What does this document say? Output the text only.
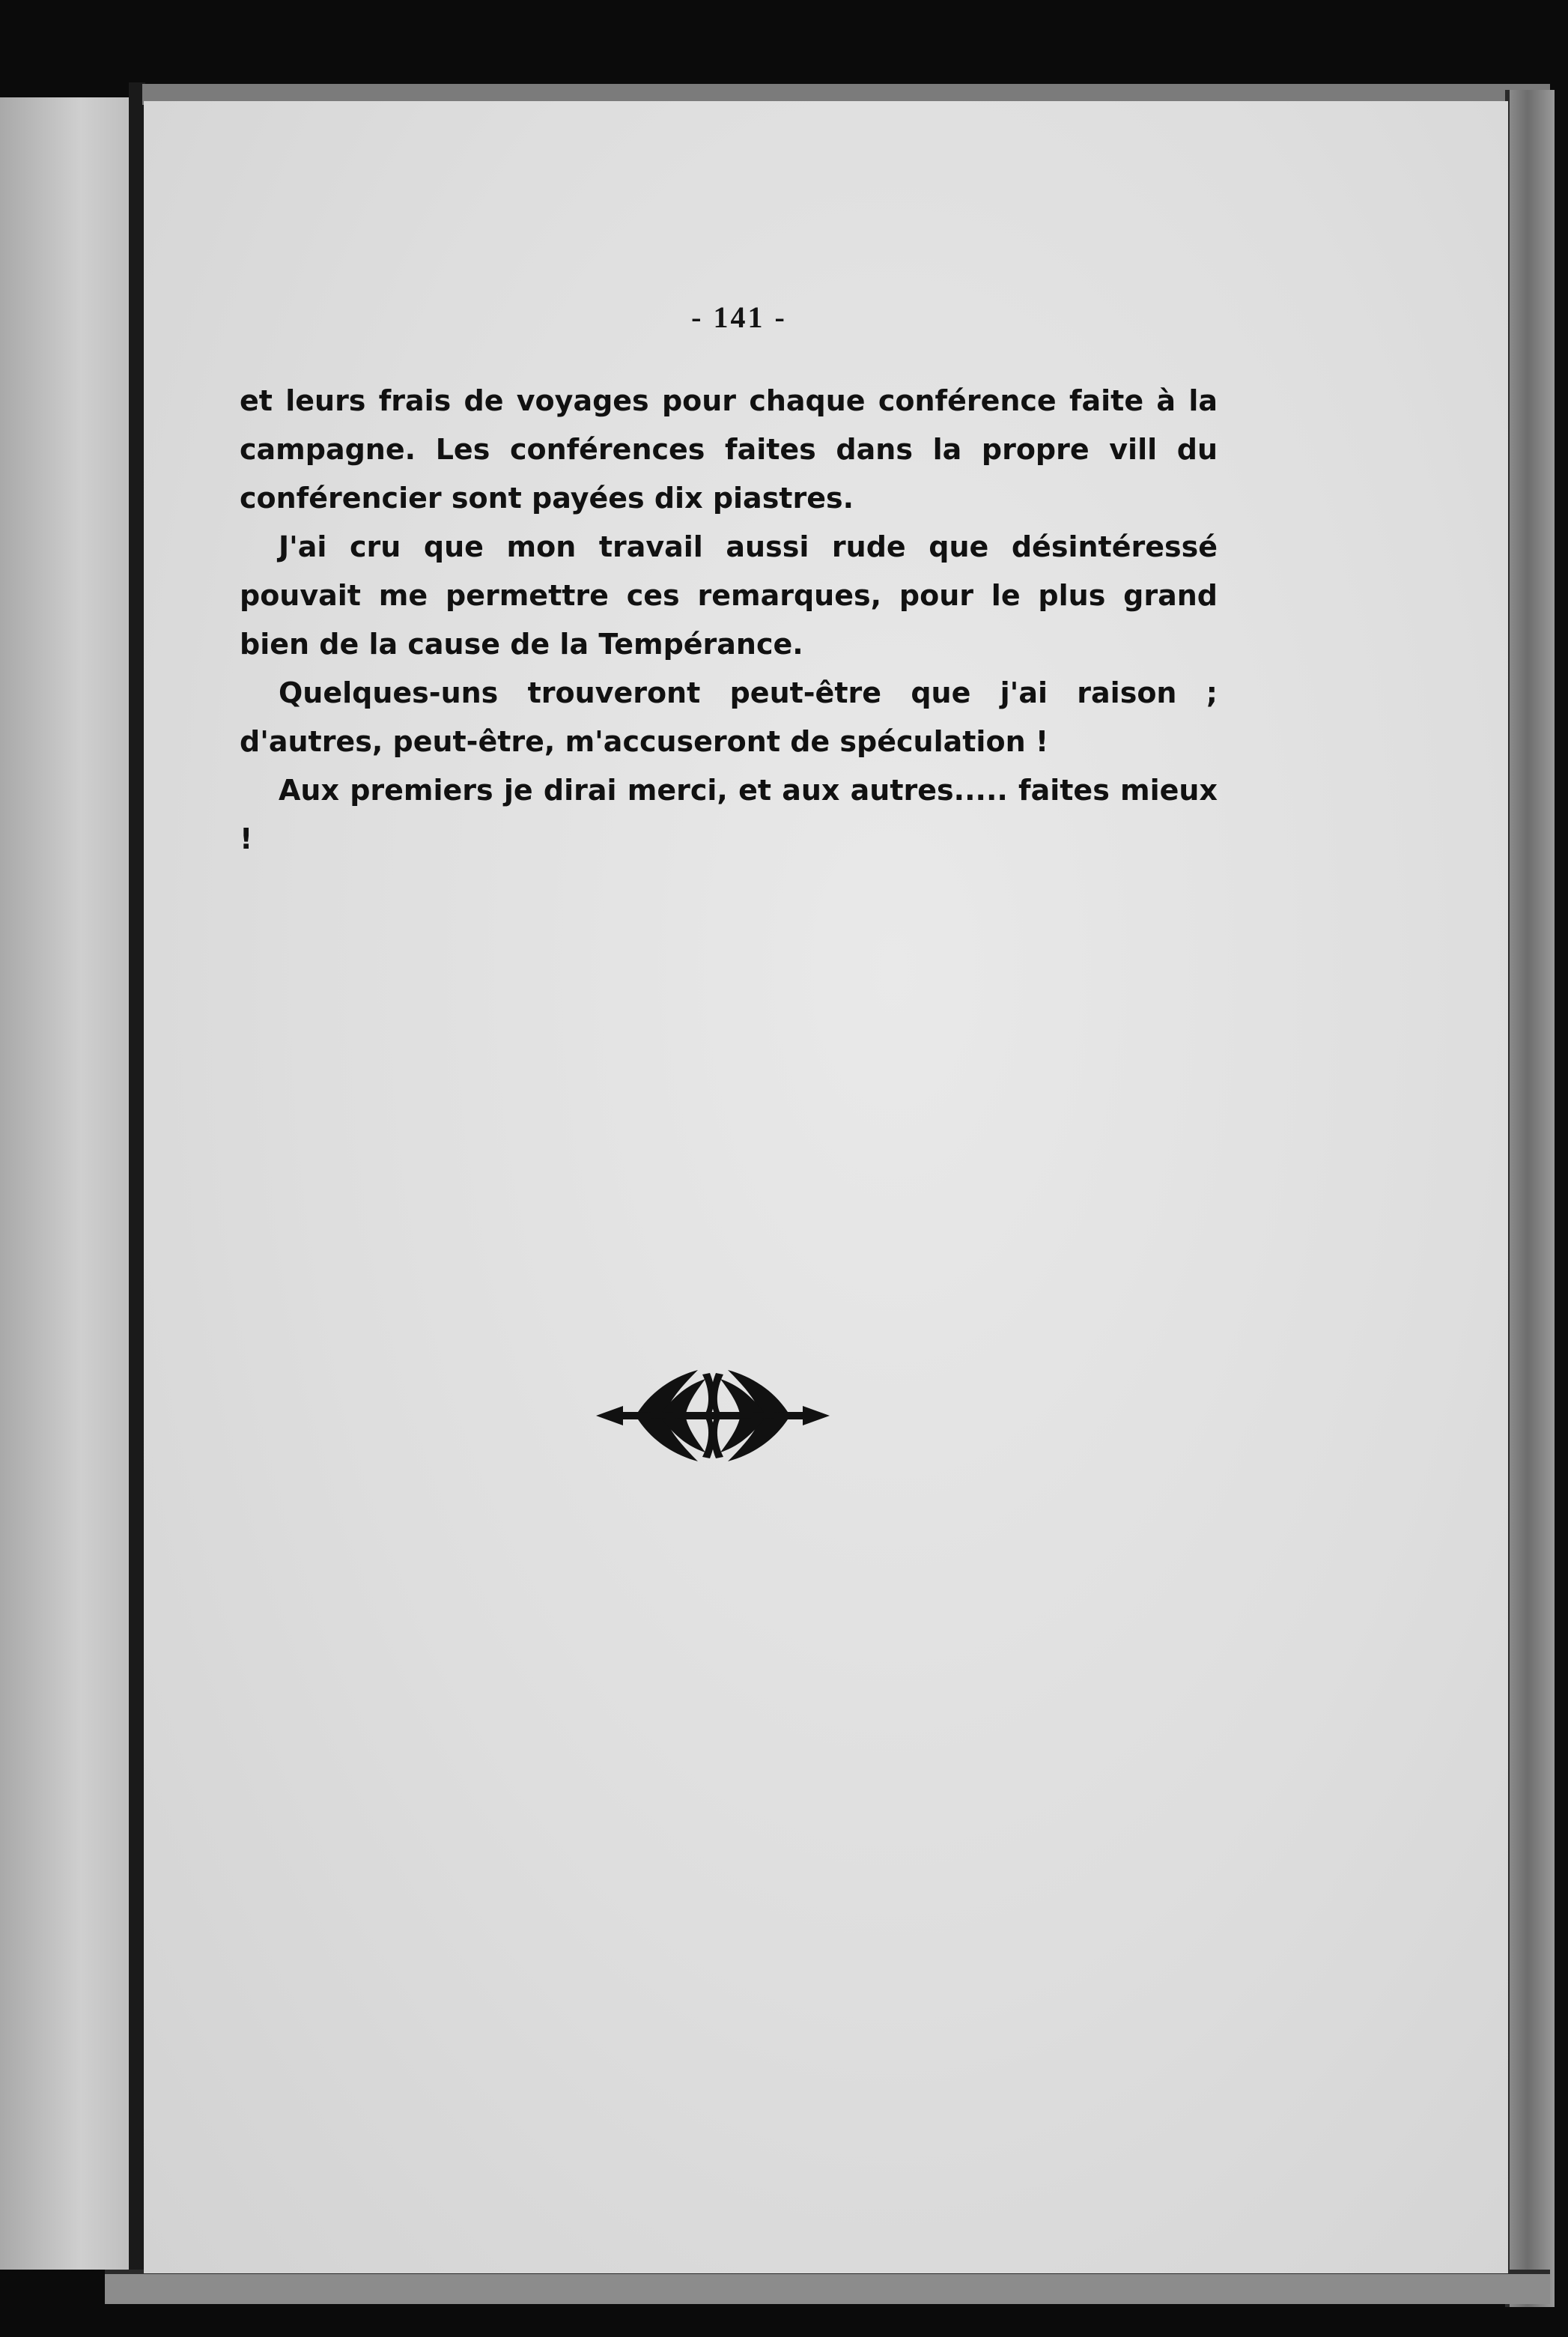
- 141 -

et leurs frais de voyages pour chaque conférence faite à la campagne. Les conférences faites dans la propre vill du conférencier sont payées dix piastres.

J'ai cru que mon travail aussi rude que désintéressé pouvait me permettre ces remarques, pour le plus grand bien de la cause de la Tempérance.

Quelques-uns trouveront peut-être que j'ai raison ; d'autres, peut-être, m'accuseront de spéculation !

Aux premiers je dirai merci, et aux autres..... faites mieux !
